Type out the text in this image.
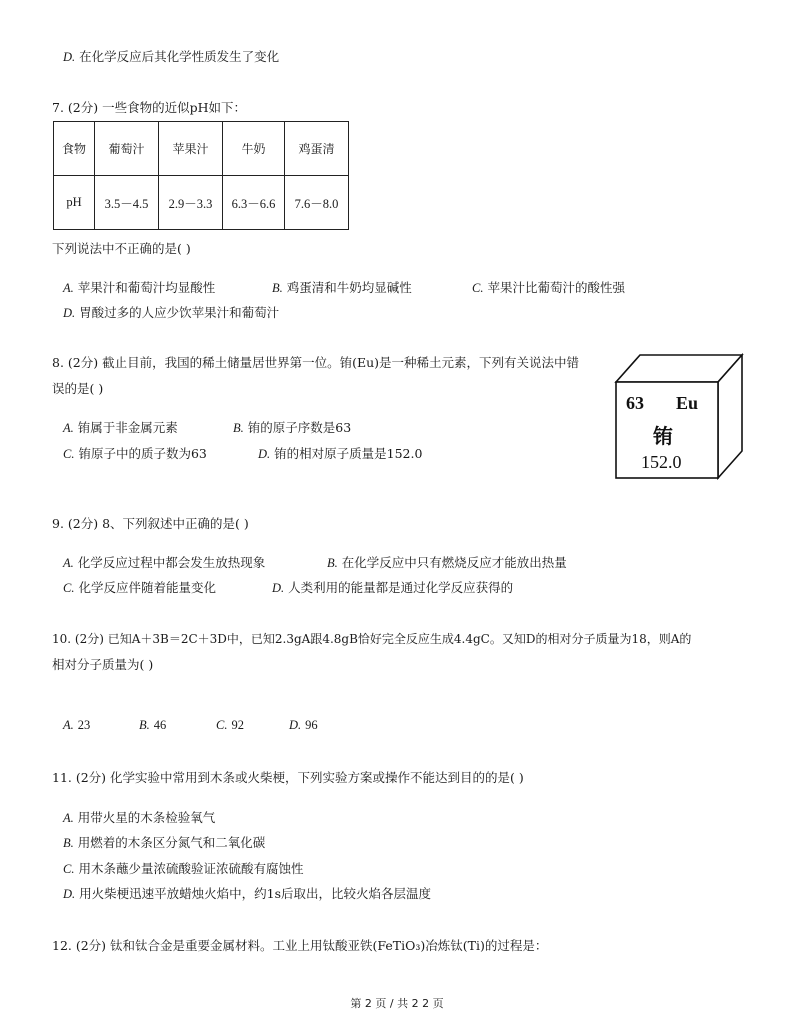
D. 在化学反应后其化学性质发生了变化
7. (2分) 一些食物的近似pH如下：
食物	葡萄汁	苹果汁	牛奶	鸡蛋清
pH	3.5－4.5	2.9－3.3	6.3－6.6	7.6－8.0
下列说法中不正确的是( )
A. 苹果汁和葡萄汁均显酸性	B. 鸡蛋清和牛奶均显碱性	C. 苹果汁比葡萄汁的酸性强
D. 胃酸过多的人应少饮苹果汁和葡萄汁
8. (2分) 截止目前，我国的稀土储量居世界第一位。铕(Eu)是一种稀土元素，下列有关说法中错
误的是( )
A. 铕属于非金属元素	B. 铕的原子序数是63
C. 铕原子中的质子数为63	D. 铕的相对原子质量是152.0
63 Eu
铕
152.0
9. (2分) 8、下列叙述中正确的是( )
A. 化学反应过程中都会发生放热现象	B. 在化学反应中只有燃烧反应才能放出热量
C. 化学反应伴随着能量变化	D. 人类利用的能量都是通过化学反应获得的
10. (2分) 已知A＋3B＝2C＋3D中，已知2.3gA跟4.8gB恰好完全反应生成4.4gC。又知D的相对分子质量为18，则A的
相对分子质量为( )
A. 23	B. 46	C. 92	D. 96
11. (2分) 化学实验中常用到木条或火柴梗，下列实验方案或操作不能达到目的的是( )
A. 用带火星的木条检验氧气
B. 用燃着的木条区分氮气和二氧化碳
C. 用木条蘸少量浓硫酸验证浓硫酸有腐蚀性
D. 用火柴梗迅速平放蜡烛火焰中，约1s后取出，比较火焰各层温度
12. (2分) 钛和钛合金是重要金属材料。工业上用钛酸亚铁(FeTiO₃)冶炼钛(Ti)的过程是：
第 2 页 / 共 2 2 页
